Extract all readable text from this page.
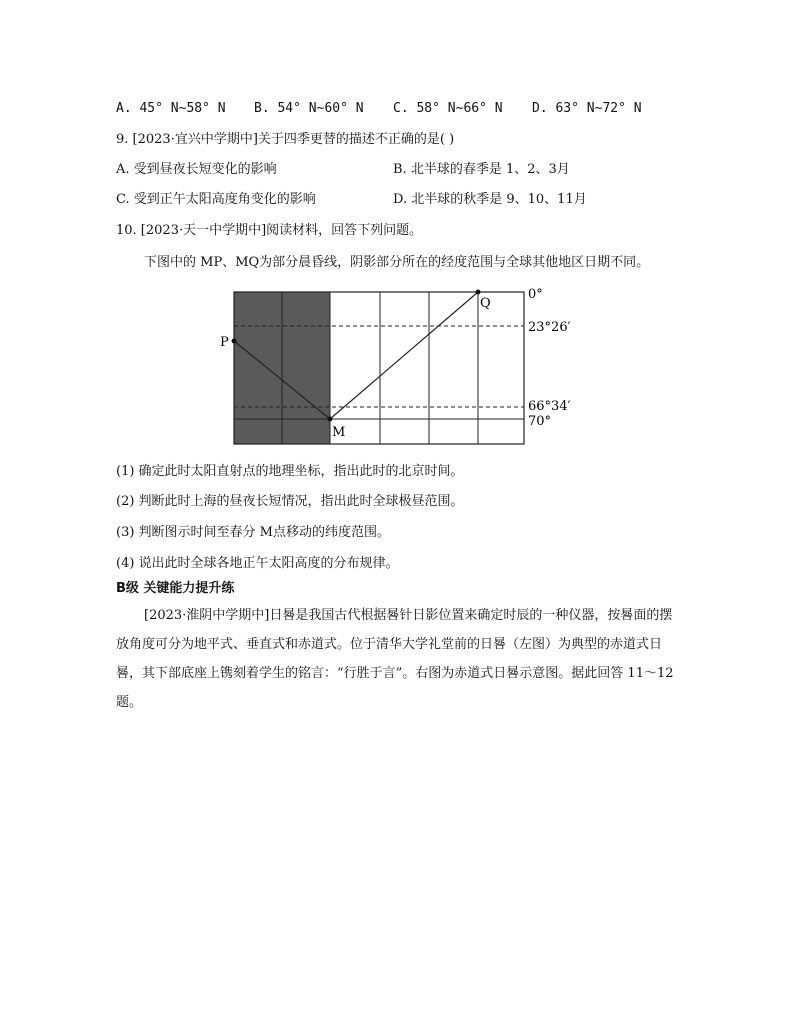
A. 45° N~58° N B. 54° N~60° N C. 58° N~66° N D. 63° N~72° N
9. [2023·宜兴中学期中]关于四季更替的描述不正确的是( )
A. 受到昼夜长短变化的影响	B. 北半球的春季是 1、2、3月
C. 受到正午太阳高度角变化的影响	D. 北半球的秋季是 9、10、11月
10. [2023·天一中学期中]阅读材料，回答下列问题。
下图中的 MP、MQ为部分晨昏线，阴影部分所在的经度范围与全球其他地区日期不同。
P
Q
M
0°
23°26′
66°34′
70°
(1) 确定此时太阳直射点的地理坐标，指出此时的北京时间。
(2) 判断此时上海的昼夜长短情况，指出此时全球极昼范围。
(3) 判断图示时间至春分 M点移动的纬度范围。
(4) 说出此时全球各地正午太阳高度的分布规律。
B级 关键能力提升练
[2023·淮阴中学期中]日晷是我国古代根据晷针日影位置来确定时辰的一种仪器，按晷面的摆放角度可分为地平式、垂直式和赤道式。位于清华大学礼堂前的日晷（左图）为典型的赤道式日晷，其下部底座上镌刻着学生的铭言：“行胜于言”。右图为赤道式日晷示意图。据此回答 11～12题。
